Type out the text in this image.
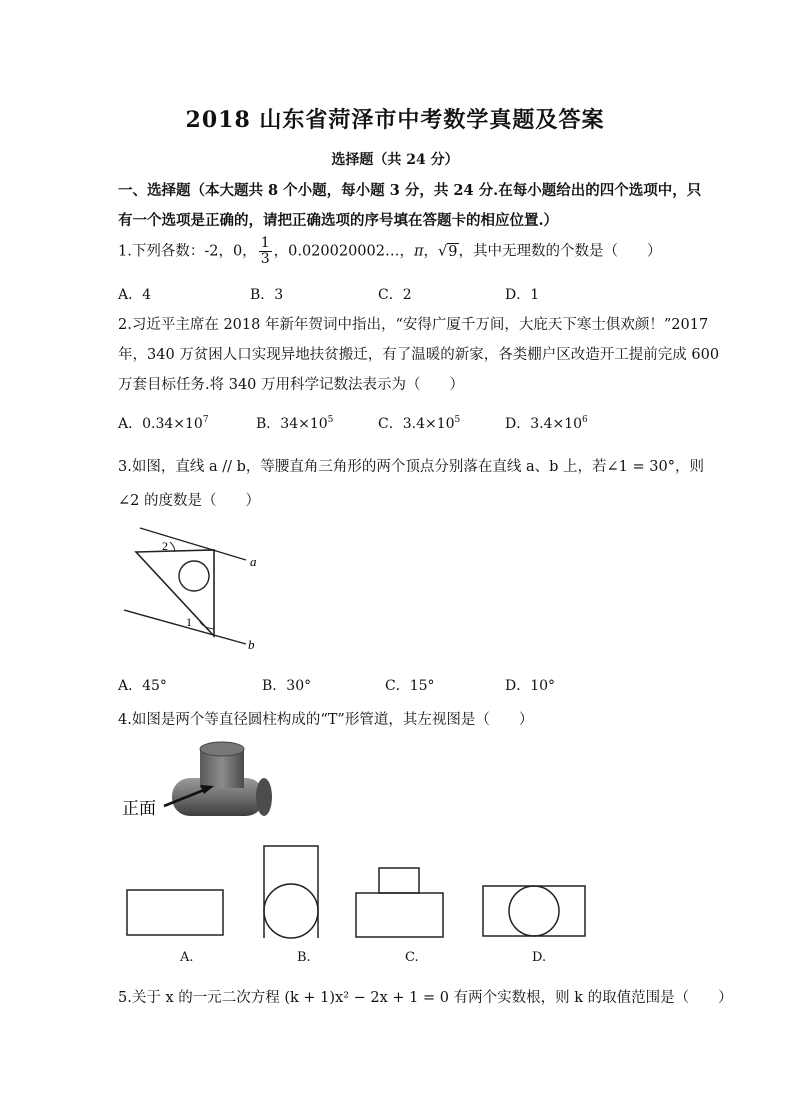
2018 山东省菏泽市中考数学真题及答案
选择题（共 24 分）
一、选择题（本大题共 8 个小题，每小题 3 分，共 24 分.在每小题给出的四个选项中，只
有一个选项是正确的，请把正确选项的序号填在答题卡的相应位置.）
1.下列各数：-2，0， $\frac{1}{3}$ ，0.020020002…，π，√9，其中无理数的个数是（　　）
A．4	B．3	C．2	D．1
2.习近平主席在 2018 年新年贺词中指出，“安得广厦千万间，大庇天下寒士俱欢颜！”2017
年，340 万贫困人口实现异地扶贫搬迁，有了温暖的新家，各类棚户区改造开工提前完成 600
万套目标任务.将 340 万用科学记数法表示为（　　）
A．$0.34\times 10^7$	B．$34\times 10^5$	C．$3.4\times 10^5$	D．$3.4\times 10^6$
3.如图，直线 a // b，等腰直角三角形的两个顶点分别落在直线 a、b 上，若∠1 = 30°，则
∠2 的度数是（　　）
2
1
a
b
A．45°	B．30°	C．15°	D．10°
4.如图是两个等直径圆柱构成的“T”形管道，其左视图是（　　）
正面
A.	B.	C.	D.
5.关于 x 的一元二次方程 (k + 1)x² − 2x + 1 = 0 有两个实数根，则 k 的取值范围是（　　）
